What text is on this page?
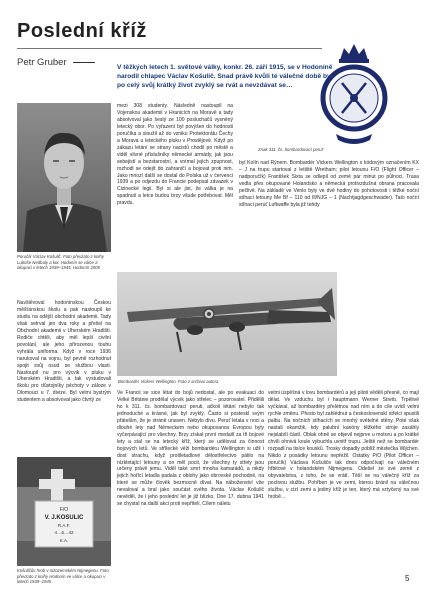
Poslední kříž
Petr Gruber	V těžkých letech 1. světové války, konkr. 26. září 1915, se v Hodoníně narodil chlapec Václav Košulič. Snad právě kvůli té válečné době byl po celý svůj krátký život zvyklý se rvát a nevzdávat se…
Poručík Václav Košulič. Foto převzato z knihy Luboše Nedbaly a kol. Hodonín se válce a okupaci v letech 1939–1945, Hodonín 2005

Navštěvoval hodonínskou Českou měšťanskou školu a pak nastoupil ke studiu na odější obchodní akademii. Tady však setrval jen dva roky a přešel na Obchodní akademii v Uherském Hradišti. Rodiče chtěli, aby měl lepší civilní povolání, ale jeho přirozenou touhu vyhrála uniforma. Když v roce 1936 narukoval na vojnu, byl pevně rozhodnut spojit svůj osud se službou vlasti. Nastoupil nu pro výcvik v pluku v Uherském Hradišti, a tak vystudovali školu pro důstojníky pěchoty v záloze v Olomouci u 7. divize. Byl velmi bystrým studentem a absolvoval jako čtvrtý ze

mezi 308 studenty. Následně nastoupil na Vojenskou akademii v Hranicích na Moravě a tady absolvoval jako šestý ze 100 posluchačů vysněný letecký obor. Po vyřazení byl povýšen do hodnosti poručíka a sloužil až do vzniku Protektorátu Čechy a Morava u leteckého pluku v Prostějově. Když po zákazu letání se strany nacistů chodil po městě a viděl vlivné příslušníky německé armády, jak jsou sebejistí a bezstarostní, a vnímal jejich zpupnost, rozhodl se odejít do zahraničí a bojovat proti nim. Jako mnozí další se dostal do Polska už v červenci 1939 a po odjezdu do Francie podepsal závazek v Cizinecké legii. Byl si ale jist, že válka je na spadnutí a letce budou brzy všude potřebovat. Měl pravdu.

Znak 311. čs. bombardovací peruť

byl Kolín nad Rýnem. Bombardér Vickers Wellington s kódovým označením KX – J na trupu startoval z letiště Wretham; pilot letounu F/O (Flight Officer – nadporučík) František Sixta se odlepil od země pár minut po půlnoci. Trasa vedla přes okupované Holandsko a německá protivzdušná obrana pracovala pečlivě. Na základě ve Venlo byly ve dvě hodiny do pohotovosti i těžké noční stíhací letouny Me Bf – 110 od Ill/NJG – 1 (Nachtjagdgeschwader). Tato noční stíhací peruť Luftwaffe byla již tehdy

Bombardér Vickers Wellington. Foto z archivu autora
F/O
V. J.KOSULIC
R.A.F.
4…6…42
K.A.
Košuličův hrob v nizozemském Nijmegenu. Foto převzato z knihy Hodonín ve válce a okupaci v letech 1939–1945

Ve Francii se sice létat do bojů nedostal, ale po evakuaci do Velké Británie prodělal výcvik jako střelec – pozorovatel. Přidělili ho k 311. čs. bombardovací peruti, ačkoli létání nebylo tak jednoduché a krásné, jak byl zvyklý. Často si posteskl svým přátelům, že je stráně unaven. Nebylo divu. Peruť létala v noci a dlouhé lety nad Německem nebo okupovanou Evropou byly vyčerpávající pro všechny. Brzy získal první medailí za tři bojové lety a stal se na letecký kříž, který se udělovat za činnost bojových letů. Ve střílecké věži bombardéru Wellington si užil i dost strachu, když protiletadlové dělostřelectvo pálilo na nízkletající letouny a on měl pocit, že všechny ty střely jsou určeny právě jemu. Viděl také smrt mnoha kamarádů, a nikdy jejich hořící letadla padala z oblohy jako obrovské pochodně, na které se může člověk bezmocně dívat. Na náboženství vše nevaloval a bral jako součást svého života. Václav Košulič nevěděl, že i jeho poslední let je již blízko. One 17. dubna 1941 se chystal na další akci proti nepříteli. Cílem náletu

velmi úspěšná v lovu bombardérů a její piloti věděli přesně, co mají dělat. Ve vzduchu byl i hauptmann Werner Streib. Trpělivě vyčkával, až bombardéry přelétnou nad ním a do cíle uvidí velmi rychle změnu. Přesto byl zahlédnut a československí střelci spustili palbu. Na nočních stíhacích se mnohý světelné stěny. Poté však nastali okamžik, kdy palubní kanóny těžkého stroje zasáhly nejslabší částí. Oblak ohně se objevil nejprve u motoru a po krátké chvíli ohnivá koule vybuchla uvnitř trupu. Ještě než se bombardér rozpadl na tisíce kousků. Trosky dopadly poblíž městečka Wijchen. Nikdo z posádky letounu nepřežil. Ostatky P/O (Pilot Officer – poručík) Václava Košuliče tak dnes odpočívají na válečném hřbitově v holandském Nijmegenu. Odešel ze své země z obyvatelstva, z toho, že se vrátí. Těší se na válečný kříž za poctivou službu. Pohřben je ve zemi, kterou bránil na válečnou službu, v cizí zemi a jediný kříž je ten, který má vztyčený na své hrobě…

5
